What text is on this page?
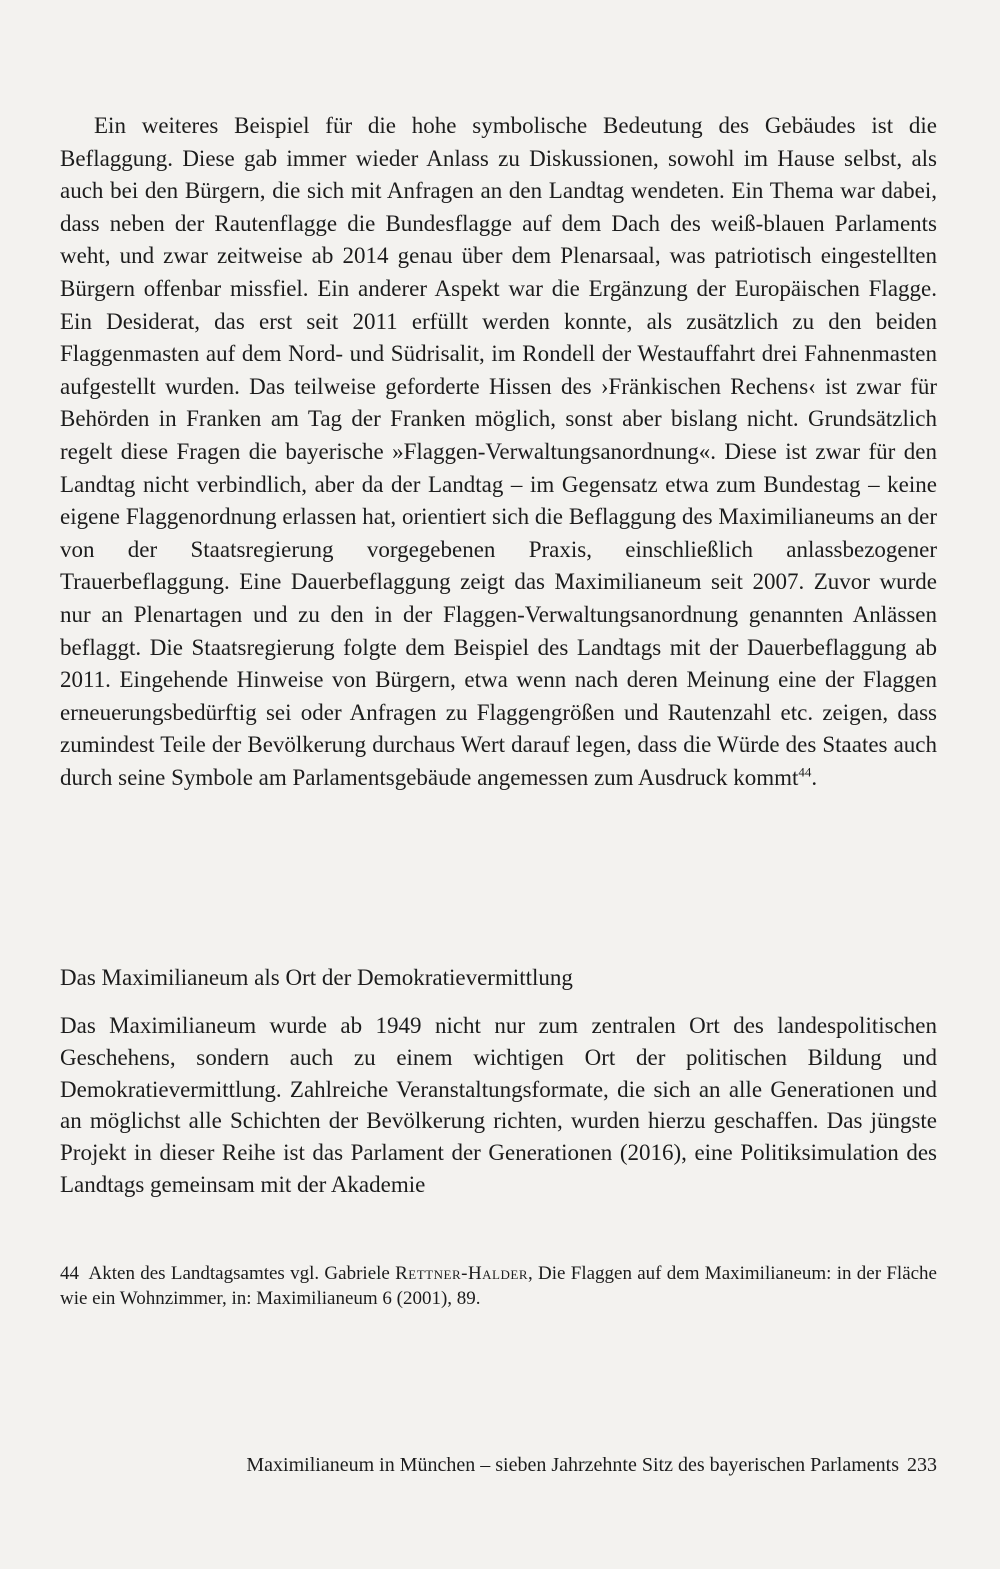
Ein weiteres Beispiel für die hohe symbolische Bedeutung des Gebäudes ist die Beflaggung. Diese gab immer wieder Anlass zu Diskussionen, sowohl im Hause selbst, als auch bei den Bürgern, die sich mit Anfragen an den Landtag wendeten. Ein Thema war dabei, dass neben der Rautenflagge die Bundesflagge auf dem Dach des weiß-blauen Parlaments weht, und zwar zeitweise ab 2014 genau über dem Plenarsaal, was patriotisch eingestellten Bürgern offenbar missfiel. Ein anderer Aspekt war die Ergänzung der Europäischen Flagge. Ein Desiderat, das erst seit 2011 erfüllt werden konnte, als zusätzlich zu den beiden Flaggenmasten auf dem Nord- und Südrisalit, im Rondell der Westauffahrt drei Fahnenmasten aufgestellt wurden. Das teilweise geforderte Hissen des ›Fränkischen Rechens‹ ist zwar für Behörden in Franken am Tag der Franken möglich, sonst aber bislang nicht. Grundsätzlich regelt diese Fragen die bayerische »Flaggen-Verwaltungsanordnung«. Diese ist zwar für den Landtag nicht verbindlich, aber da der Landtag – im Gegensatz etwa zum Bundestag – keine eigene Flaggenordnung erlassen hat, orientiert sich die Beflaggung des Maximilianeums an der von der Staatsregierung vorgegebenen Praxis, einschließlich anlassbezogener Trauerbeflaggung. Eine Dauerbeflaggung zeigt das Maximilianeum seit 2007. Zuvor wurde nur an Plenartagen und zu den in der Flaggen-Verwaltungsanordnung genannten Anlässen beflaggt. Die Staatsregierung folgte dem Beispiel des Landtags mit der Dauerbeflaggung ab 2011. Eingehende Hinweise von Bürgern, etwa wenn nach deren Meinung eine der Flaggen erneuerungsbedürftig sei oder Anfragen zu Flaggengrößen und Rautenzahl etc. zeigen, dass zumindest Teile der Bevölkerung durchaus Wert darauf legen, dass die Würde des Staates auch durch seine Symbole am Parlamentsgebäude angemessen zum Ausdruck kommt$^{44}$.

Das Maximilianeum als Ort der Demokratievermittlung

Das Maximilianeum wurde ab 1949 nicht nur zum zentralen Ort des landespolitischen Geschehens, sondern auch zu einem wichtigen Ort der politischen Bildung und Demokratievermittlung. Zahlreiche Veranstaltungsformate, die sich an alle Generationen und an möglichst alle Schichten der Bevölkerung richten, wurden hierzu geschaffen. Das jüngste Projekt in dieser Reihe ist das Parlament der Generationen (2016), eine Politiksimulation des Landtags gemeinsam mit der Akademie

44 Akten des Landtagsamtes vgl. Gabriele Rettner-Halder, Die Flaggen auf dem Maximilianeum: in der Fläche wie ein Wohnzimmer, in: Maximilianeum 6 (2001), 89.

Maximilianeum in München – sieben Jahrzehnte Sitz des bayerischen Parlaments 233
